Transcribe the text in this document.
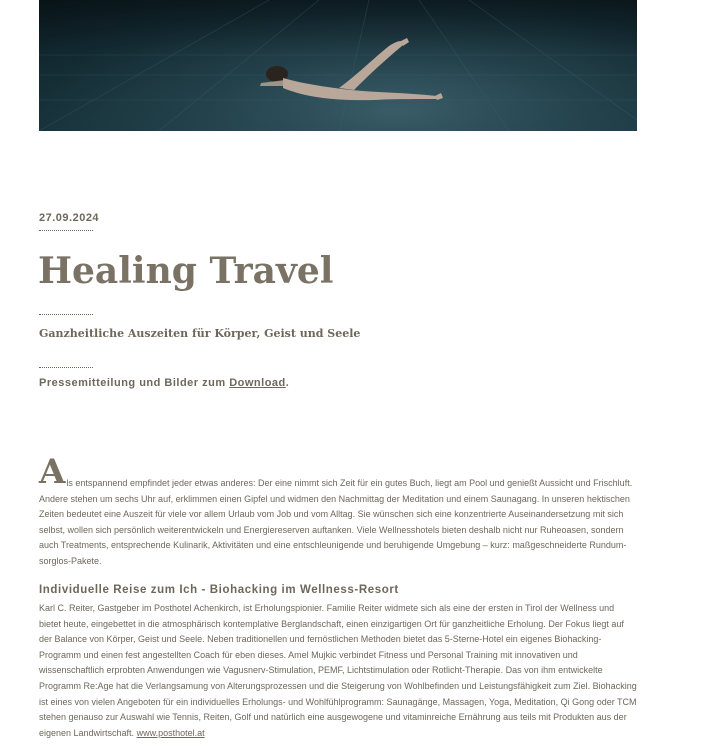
27.09.2024
Healing Travel
Ganzheitliche Auszeiten für Körper, Geist und Seele
Pressemitteilung und Bilder zum Download.
Als entspannend empfindet jeder etwas anderes: Der eine nimmt sich Zeit für ein gutes Buch, liegt am Pool und genießt Aussicht und Frischluft. Andere stehen um sechs Uhr auf, erklimmen einen Gipfel und widmen den Nachmittag der Meditation und einem Saunagang. In unseren hektischen Zeiten bedeutet eine Auszeit für viele vor allem Urlaub vom Job und vom Alltag. Sie wünschen sich eine konzentrierte Auseinandersetzung mit sich selbst, wollen sich persönlich weiterentwickeln und Energiereserven auftanken. Viele Wellnesshotels bieten deshalb nicht nur Ruheoasen, sondern auch Treatments, entsprechende Kulinarik, Aktivitäten und eine entschleunigende und beruhigende Umgebung – kurz: maßgeschneiderte Rundum-sorglos-Pakete.
Individuelle Reise zum Ich - Biohacking im Wellness-Resort
Karl C. Reiter, Gastgeber im Posthotel Achenkirch, ist Erholungspionier. Familie Reiter widmete sich als eine der ersten in Tirol der Wellness und bietet heute, eingebettet in die atmosphärisch kontemplative Berglandschaft, einen einzigartigen Ort für ganzheitliche Erholung. Der Fokus liegt auf der Balance von Körper, Geist und Seele. Neben traditionellen und fernöstlichen Methoden bietet das 5-Sterne-Hotel ein eigenes Biohacking-Programm und einen fest angestellten Coach für eben dieses. Amel Mujkic verbindet Fitness und Personal Training mit innovativen und wissenschaftlich erprobten Anwendungen wie Vagusnerv-Stimulation, PEMF, Lichtstimulation oder Rotlicht-Therapie. Das von ihm entwickelte Programm Re:Age hat die Verlangsamung von Alterungsprozessen und die Steigerung von Wohlbefinden und Leistungsfähigkeit zum Ziel. Biohacking ist eines von vielen Angeboten für ein individuelles Erholungs- und Wohlfühlprogramm: Saunagänge, Massagen, Yoga, Meditation, Qi Gong oder TCM stehen genauso zur Auswahl wie Tennis, Reiten, Golf und natürlich eine ausgewogene und vitaminreiche Ernährung aus teils mit Produkten aus der eigenen Landwirtschaft. www.posthotel.at
